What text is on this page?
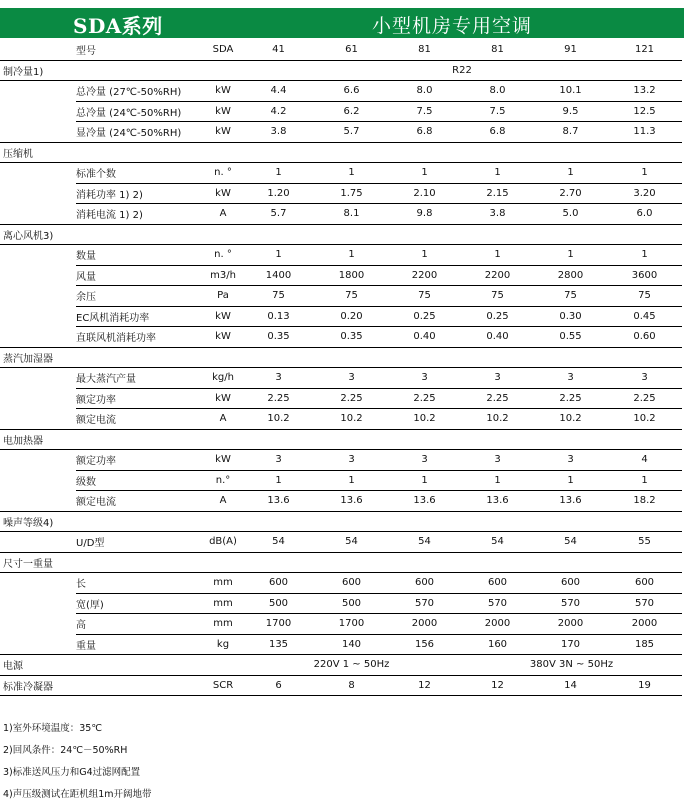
SDA系列	小型机房专用空调
	型号	SDA	41	61	81	81	91	121
制冷量1)			R22					
	总冷量 (27℃-50%RH)	kW	4.4	6.6	8.0	8.0	10.1	13.2
	总冷量 (24℃-50%RH)	kW	4.2	6.2	7.5	7.5	9.5	12.5
	显冷量 (24℃-50%RH)	kW	3.8	5.7	6.8	6.8	8.7	11.3
压缩机								
	标准个数	n. °	1	1	1	1	1	1
	消耗功率 1) 2)	kW	1.20	1.75	2.10	2.15	2.70	3.20
	消耗电流 1) 2)	A	5.7	8.1	9.8	3.8	5.0	6.0
离心风机3)								
	数量	n. °	1	1	1	1	1	1
	风量	m3/h	1400	1800	2200	2200	2800	3600
	余压	Pa	75	75	75	75	75	75
	EC风机消耗功率	kW	0.13	0.20	0.25	0.25	0.30	0.45
	直联风机消耗功率	kW	0.35	0.35	0.40	0.40	0.55	0.60
蒸汽加湿器								
	最大蒸汽产量	kg/h	3	3	3	3	3	3
	额定功率	kW	2.25	2.25	2.25	2.25	2.25	2.25
	额定电流	A	10.2	10.2	10.2	10.2	10.2	10.2
电加热器								
	额定功率	kW	3	3	3	3	3	4
	级数	n.°	1	1	1	1	1	1
	额定电流	A	13.6	13.6	13.6	13.6	13.6	18.2
噪声等级4)								
	U/D型	dB(A)	54	54	54	54	54	55
尺寸一重量								
	长	mm	600	600	600	600	600	600
	宽(厚)	mm	500	500	570	570	570	570
	高	mm	1700	1700	2000	2000	2000	2000
	重量	kg	135	140	156	160	170	185
电源			220V 1 ~ 50Hz			380V 3N ~ 50Hz		
标准冷凝器		SCR	6	8	12	12	14	19
1)室外环境温度：35℃
2)回风条件：24℃－50%RH
3)标准送风压力和G4过滤网配置
4)声压级测试在距机组1m开阔地带
